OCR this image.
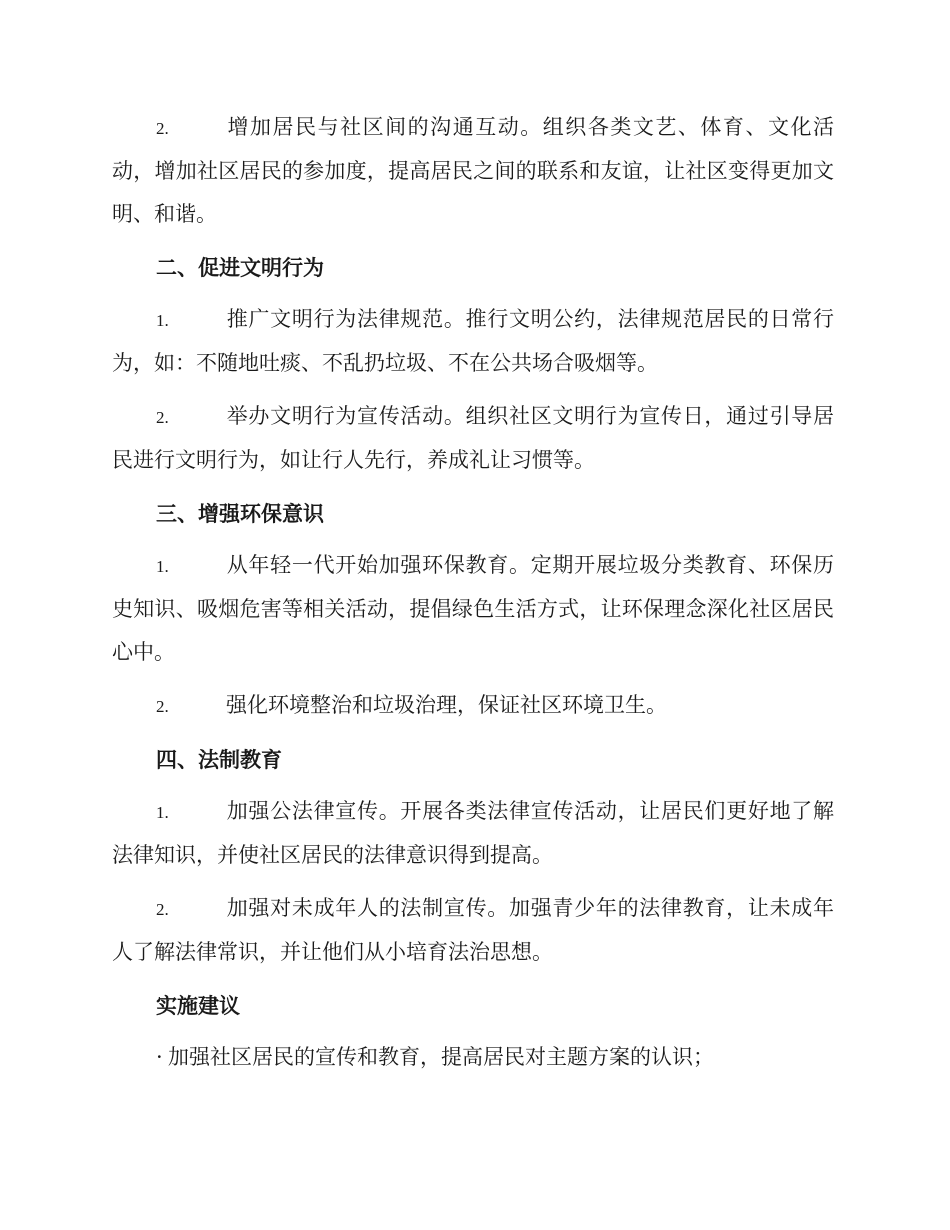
2.	增加居民与社区间的沟通互动。组织各类文艺、体育、文化活动，增加社区居民的参加度，提高居民之间的联系和友谊，让社区变得更加文明、和谐。

二、促进文明行为

1.	推广文明行为法律规范。推行文明公约，法律规范居民的日常行为，如：不随地吐痰、不乱扔垃圾、不在公共场合吸烟等。

2.	举办文明行为宣传活动。组织社区文明行为宣传日，通过引导居民进行文明行为，如让行人先行，养成礼让习惯等。

三、增强环保意识

1.	从年轻一代开始加强环保教育。定期开展垃圾分类教育、环保历史知识、吸烟危害等相关活动，提倡绿色生活方式，让环保理念深化社区居民心中。

2.	强化环境整治和垃圾治理，保证社区环境卫生。

四、法制教育

1.	加强公法律宣传。开展各类法律宣传活动，让居民们更好地了解法律知识，并使社区居民的法律意识得到提高。

2.	加强对未成年人的法制宣传。加强青少年的法律教育，让未成年人了解法律常识，并让他们从小培育法治思想。

实施建议

· 加强社区居民的宣传和教育，提高居民对主题方案的认识；
